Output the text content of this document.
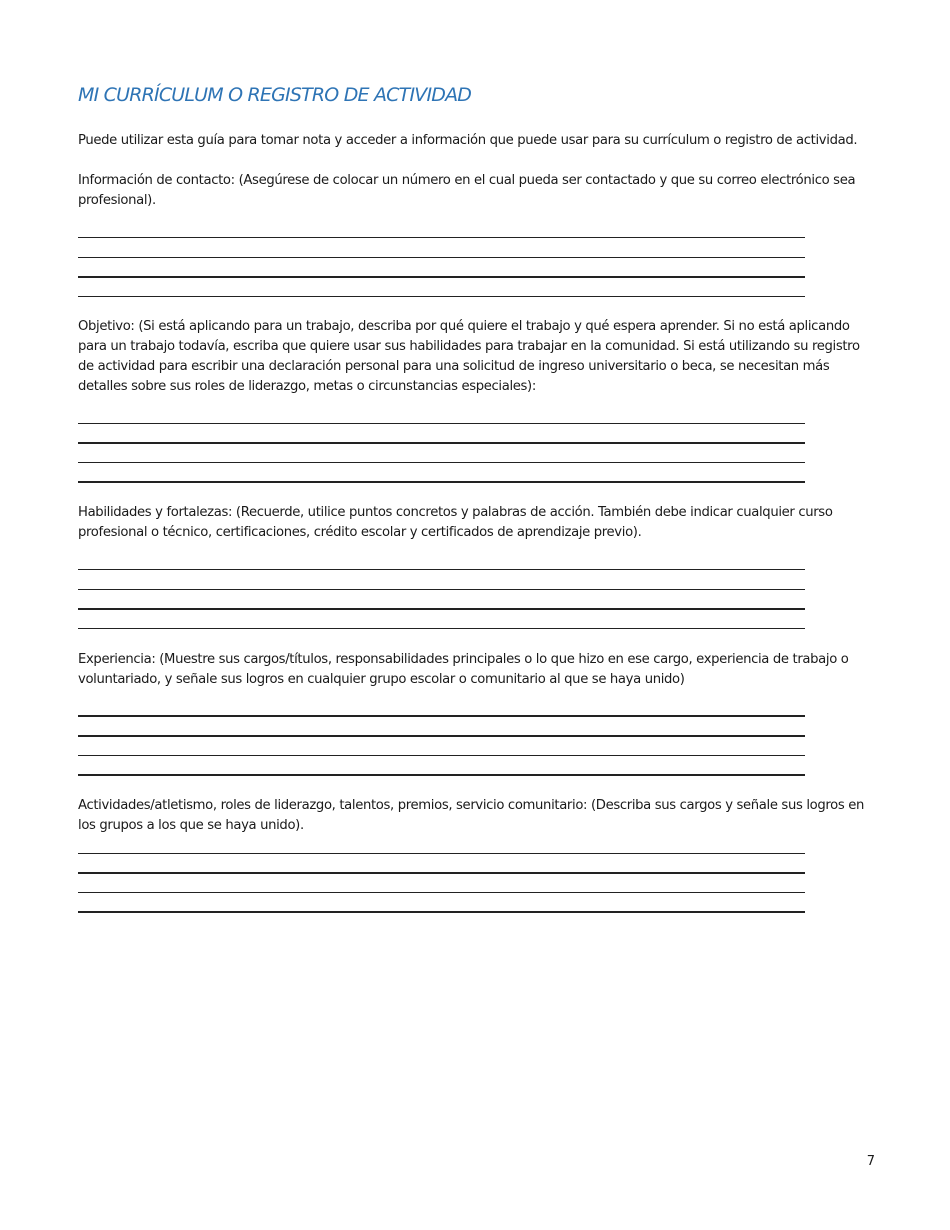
MI CURRÍCULUM O REGISTRO DE ACTIVIDAD

Puede utilizar esta guía para tomar nota y acceder a información que puede usar para su currículum o registro de actividad.

Información de contacto: (Asegúrese de colocar un número en el cual pueda ser contactado y que su correo electrónico sea profesional).

Objetivo: (Si está aplicando para un trabajo, describa por qué quiere el trabajo y qué espera aprender. Si no está aplicando para un trabajo todavía, escriba que quiere usar sus habilidades para trabajar en la comunidad. Si está utilizando su registro de actividad para escribir una declaración personal para una solicitud de ingreso universitario o beca, se necesitan más detalles sobre sus roles de liderazgo, metas o circunstancias especiales):

Habilidades y fortalezas: (Recuerde, utilice puntos concretos y palabras de acción. También debe indicar cualquier curso profesional o técnico, certificaciones, crédito escolar y certificados de aprendizaje previo).

Experiencia: (Muestre sus cargos/títulos, responsabilidades principales o lo que hizo en ese cargo, experiencia de trabajo o voluntariado, y señale sus logros en cualquier grupo escolar o comunitario al que se haya unido)

Actividades/atletismo, roles de liderazgo, talentos, premios, servicio comunitario: (Describa sus cargos y señale sus logros en los grupos a los que se haya unido).

7
